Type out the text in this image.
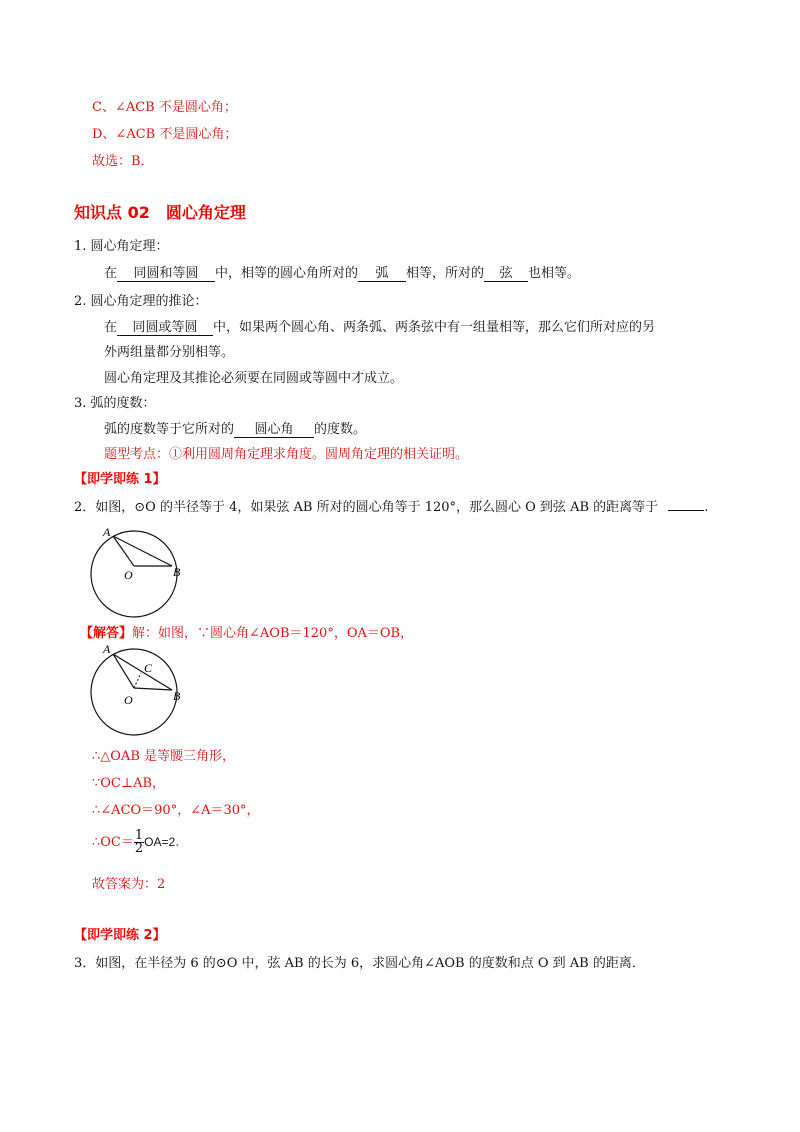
C、∠ACB 不是圆心角；
D、∠ACB 不是圆心角；
故选：B．
知识点 02　圆心角定理
1. 圆心角定理：
在 同圆和等圆 中，相等的圆心角所对的 弧 相等，所对的 弦 也相等。
2. 圆心角定理的推论：
在 同圆或等圆 中，如果两个圆心角、两条弧、两条弦中有一组量相等，那么它们所对应的另
外两组量都分别相等。
圆心角定理及其推论必须要在同圆或等圆中才成立。
3. 弧的度数：
弧的度数等于它所对的 圆心角 的度数。
题型考点：①利用圆周角定理求角度。圆周角定理的相关证明。
【即学即练 1】
2．如图，⊙O 的半径等于 4，如果弦 AB 所对的圆心角等于 120°，那么圆心 O 到弦 AB 的距离等于	.
A
O	B
【解答】解：如图，∵圆心角∠AOB＝120°，OA＝OB，
A
C
O	B
∴△OAB 是等腰三角形，
∵OC⊥AB，
∴∠ACO＝90°，∠A＝30°，
∴OC＝ $\frac{1}{2} OA=2$.
故答案为：2
【即学即练 2】
3．如图，在半径为 6 的⊙O 中，弦 AB 的长为 6，求圆心角∠AOB 的度数和点 O 到 AB 的距离．
